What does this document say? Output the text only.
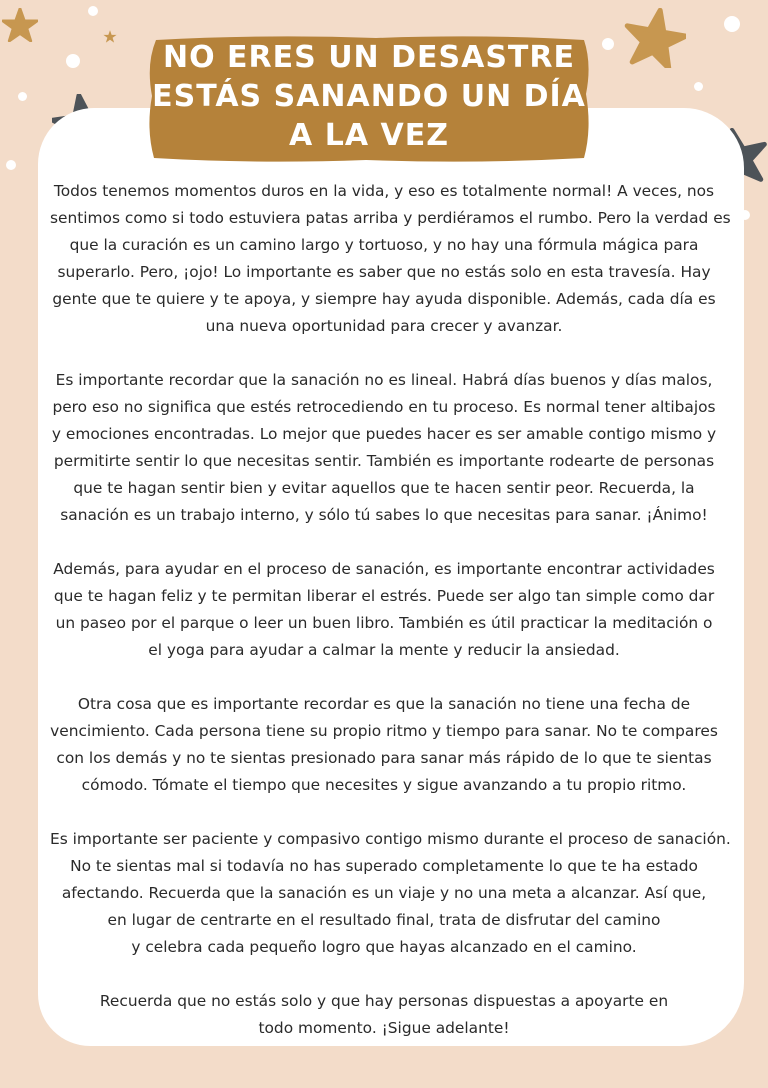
NO ERES UN DESASTRE
ESTÁS SANANDO UN DÍA
A LA VEZ
Todos tenemos momentos duros en la vida, y eso es totalmente normal! A veces, nos
sentimos como si todo estuviera patas arriba y perdiéramos el rumbo. Pero la verdad es
que la curación es un camino largo y tortuoso, y no hay una fórmula mágica para
superarlo. Pero, ¡ojo! Lo importante es saber que no estás solo en esta travesía. Hay
gente que te quiere y te apoya, y siempre hay ayuda disponible. Además, cada día es
una nueva oportunidad para crecer y avanzar.
Es importante recordar que la sanación no es lineal. Habrá días buenos y días malos,
pero eso no significa que estés retrocediendo en tu proceso. Es normal tener altibajos
y emociones encontradas. Lo mejor que puedes hacer es ser amable contigo mismo y
permitirte sentir lo que necesitas sentir. También es importante rodearte de personas
que te hagan sentir bien y evitar aquellos que te hacen sentir peor. Recuerda, la
sanación es un trabajo interno, y sólo tú sabes lo que necesitas para sanar. ¡Ánimo!
Además, para ayudar en el proceso de sanación, es importante encontrar actividades
que te hagan feliz y te permitan liberar el estrés. Puede ser algo tan simple como dar
un paseo por el parque o leer un buen libro. También es útil practicar la meditación o
el yoga para ayudar a calmar la mente y reducir la ansiedad.
Otra cosa que es importante recordar es que la sanación no tiene una fecha de
vencimiento. Cada persona tiene su propio ritmo y tiempo para sanar. No te compares
con los demás y no te sientas presionado para sanar más rápido de lo que te sientas
cómodo. Tómate el tiempo que necesites y sigue avanzando a tu propio ritmo.
Es importante ser paciente y compasivo contigo mismo durante el proceso de sanación.
No te sientas mal si todavía no has superado completamente lo que te ha estado
afectando. Recuerda que la sanación es un viaje y no una meta a alcanzar. Así que,
en lugar de centrarte en el resultado final, trata de disfrutar del camino
y celebra cada pequeño logro que hayas alcanzado en el camino.
Recuerda que no estás solo y que hay personas dispuestas a apoyarte en
todo momento. ¡Sigue adelante!
